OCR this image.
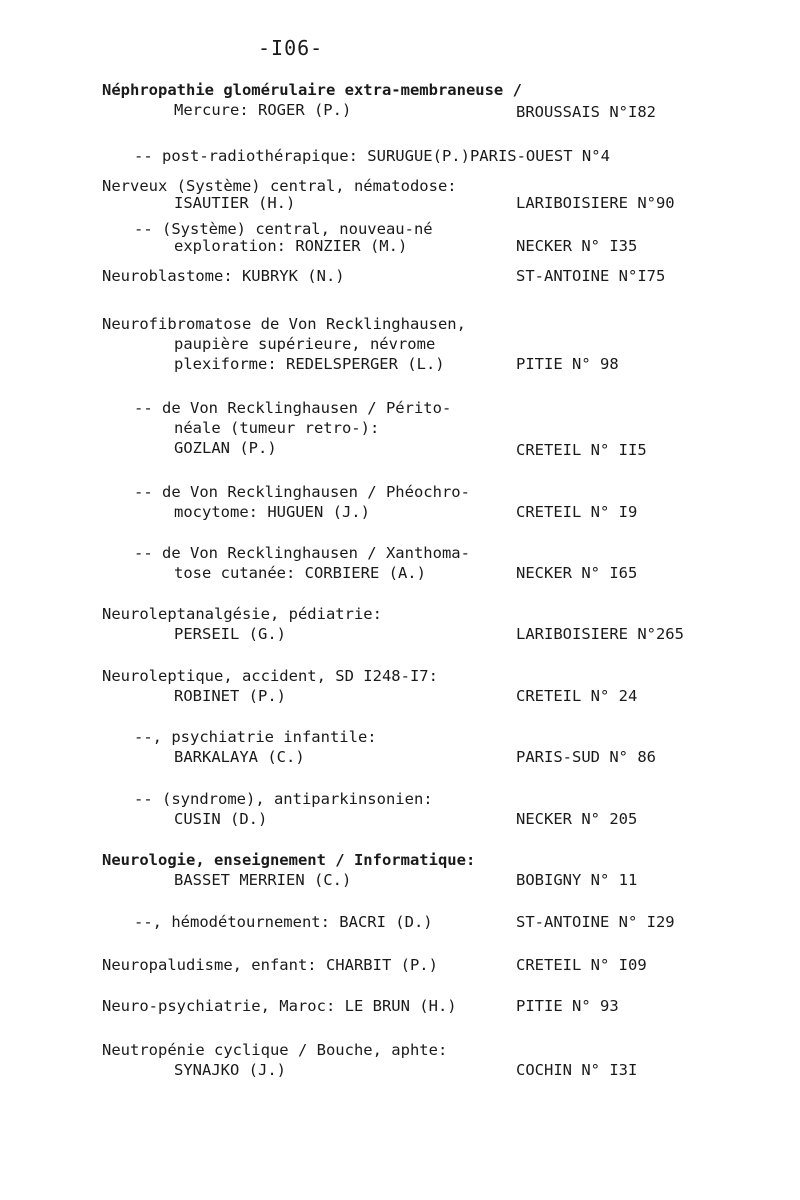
-I06-
Néphropathie glomérulaire extra-membraneuse /
Mercure: ROGER (P.)	BROUSSAIS N°I82
-- post-radiothérapique: SURUGUE(P.)PARIS-OUEST N°4
Nerveux (Système) central, nématodose:
ISAUTIER (H.)	LARIBOISIERE N°90
-- (Système) central, nouveau-né
exploration: RONZIER (M.)	NECKER N° I35
Neuroblastome: KUBRYK (N.)	ST-ANTOINE N°I75
Neurofibromatose de Von Recklinghausen,
paupière supérieure, névrome
plexiforme: REDELSPERGER (L.)	PITIE N° 98
-- de Von Recklinghausen / Périto-
néale (tumeur retro-):
GOZLAN (P.)	CRETEIL N° II5
-- de Von Recklinghausen / Phéochro-
mocytome: HUGUEN (J.)	CRETEIL N° I9
-- de Von Recklinghausen / Xanthoma-
tose cutanée: CORBIERE (A.)	NECKER N° I65
Neuroleptanalgésie, pédiatrie:
PERSEIL (G.)	LARIBOISIERE N°265
Neuroleptique, accident, SD I248-I7:
ROBINET (P.)	CRETEIL N° 24
--, psychiatrie infantile:
BARKALAYA (C.)	PARIS-SUD N° 86
-- (syndrome), antiparkinsonien:
CUSIN (D.)	NECKER N° 205
Neurologie, enseignement / Informatique:
BASSET MERRIEN (C.)	BOBIGNY N° 11
--, hémodétournement: BACRI (D.)	ST-ANTOINE N° I29
Neuropaludisme, enfant: CHARBIT (P.)	CRETEIL N° I09
Neuro-psychiatrie, Maroc: LE BRUN (H.)	PITIE N° 93
Neutropénie cyclique / Bouche, aphte:
SYNAJKO (J.)	COCHIN N° I3I
